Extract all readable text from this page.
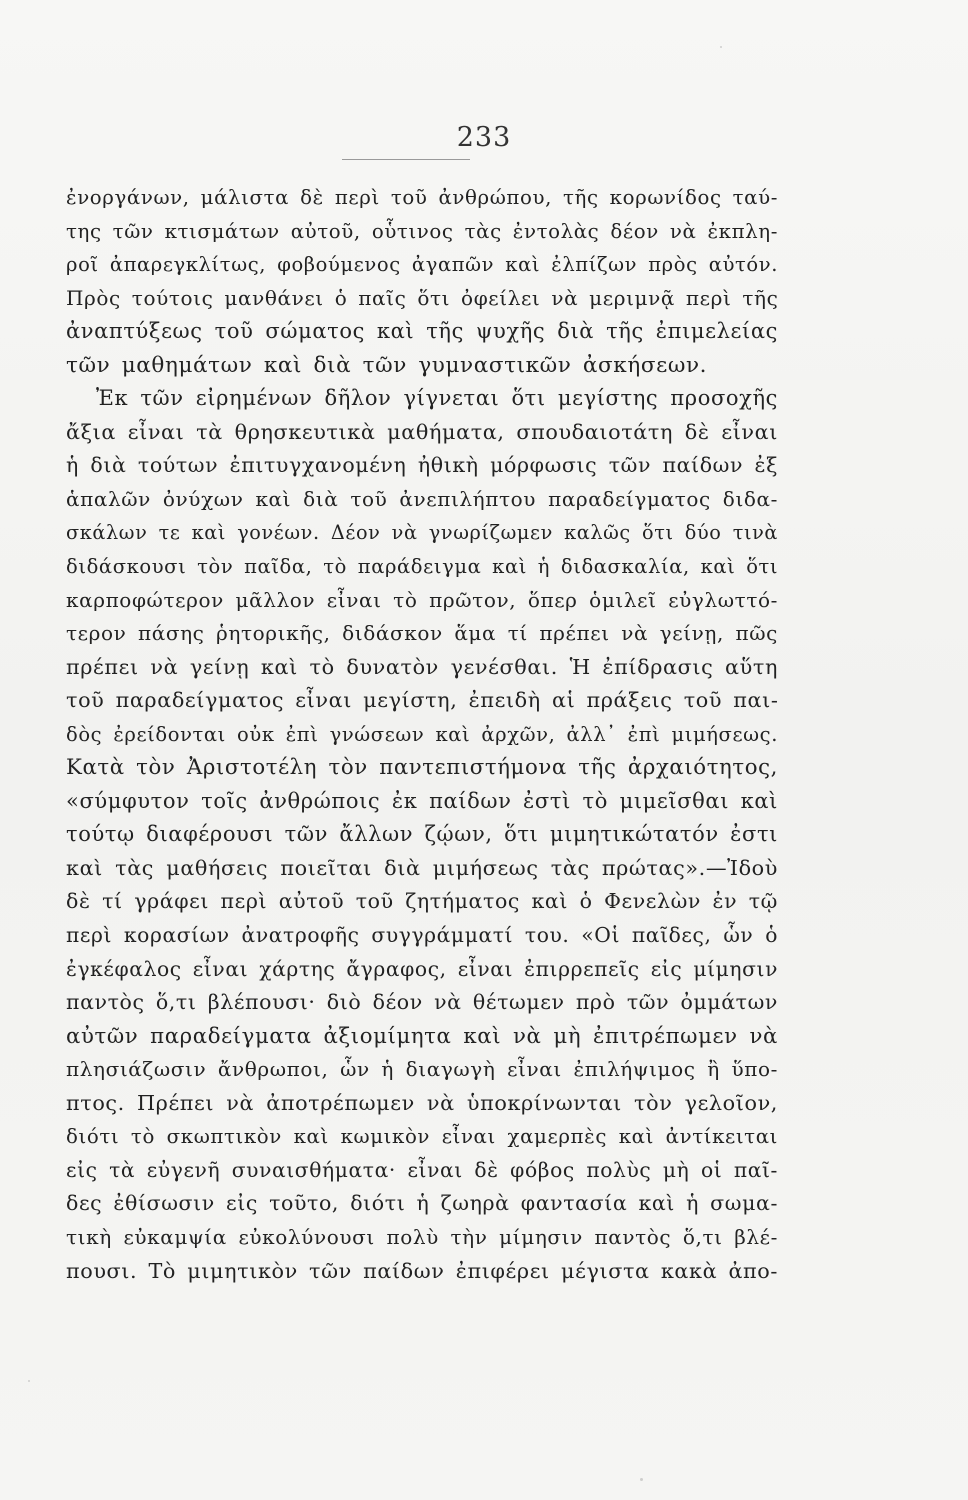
233
ἐνοργάνων, μάλιστα δὲ περὶ τοῦ ἀνθρώπου, τῆς κορωνίδος ταύ-
της τῶν κτισμάτων αὐτοῦ, οὗτινος τὰς ἐντολὰς δέον νὰ ἐκπλη-
ροῖ ἀπαρεγκλίτως, φοβούμενος ἀγαπῶν καὶ ἐλπίζων πρὸς αὐτόν.
Πρὸς τούτοις μανθάνει ὁ παῖς ὅτι ὀφείλει νὰ μεριμνᾷ περὶ τῆς
ἀναπτύξεως τοῦ σώματος καὶ τῆς ψυχῆς διὰ τῆς ἐπιμελείας
τῶν μαθημάτων καὶ διὰ τῶν γυμναστικῶν ἀσκήσεων.
Ἐκ τῶν εἰρημένων δῆλον γίγνεται ὅτι μεγίστης προσοχῆς
ἄξια εἶναι τὰ θρησκευτικὰ μαθήματα, σπουδαιοτάτη δὲ εἶναι
ἡ διὰ τούτων ἐπιτυγχανομένη ἠθικὴ μόρφωσις τῶν παίδων ἐξ
ἁπαλῶν ὀνύχων καὶ διὰ τοῦ ἀνεπιλήπτου παραδείγματος διδα-
σκάλων τε καὶ γονέων. Δέον νὰ γνωρίζωμεν καλῶς ὅτι δύο τινὰ
διδάσκουσι τὸν παῖδα, τὸ παράδειγμα καὶ ἡ διδασκαλία, καὶ ὅτι
καρποφώτερον μᾶλλον εἶναι τὸ πρῶτον, ὅπερ ὁμιλεῖ εὐγλωττό-
τερον πάσης ῥητορικῆς, διδάσκον ἅμα τί πρέπει νὰ γείνῃ, πῶς
πρέπει νὰ γείνῃ καὶ τὸ δυνατὸν γενέσθαι. Ἡ ἐπίδρασις αὕτη
τοῦ παραδείγματος εἶναι μεγίστη, ἐπειδὴ αἱ πράξεις τοῦ παι-
δὸς ἐρείδονται οὐκ ἐπὶ γνώσεων καὶ ἀρχῶν, ἀλλ᾽ ἐπὶ μιμήσεως.
Κατὰ τὸν Ἀριστοτέλη τὸν παντεπιστήμονα τῆς ἀρχαιότητος,
«σύμφυτον τοῖς ἀνθρώποις ἐκ παίδων ἐστὶ τὸ μιμεῖσθαι καὶ
τούτῳ διαφέρουσι τῶν ἄλλων ζῴων, ὅτι μιμητικώτατόν ἐστι
καὶ τὰς μαθήσεις ποιεῖται διὰ μιμήσεως τὰς πρώτας».—Ἰδοὺ
δὲ τί γράφει περὶ αὐτοῦ τοῦ ζητήματος καὶ ὁ Φενελὼν ἐν τῷ
περὶ κορασίων ἀνατροφῆς συγγράμματί του. «Οἱ παῖδες, ὧν ὁ
ἐγκέφαλος εἶναι χάρτης ἄγραφος, εἶναι ἐπιρρεπεῖς εἰς μίμησιν
παντὸς ὅ,τι βλέπουσι· διὸ δέον νὰ θέτωμεν πρὸ τῶν ὀμμάτων
αὐτῶν παραδείγματα ἀξιομίμητα καὶ νὰ μὴ ἐπιτρέπωμεν νὰ
πλησιάζωσιν ἄνθρωποι, ὧν ἡ διαγωγὴ εἶναι ἐπιλήψιμος ἢ ὕπο-
πτος. Πρέπει νὰ ἀποτρέπωμεν νὰ ὑποκρίνωνται τὸν γελοῖον,
διότι τὸ σκωπτικὸν καὶ κωμικὸν εἶναι χαμερπὲς καὶ ἀντίκειται
εἰς τὰ εὐγενῆ συναισθήματα· εἶναι δὲ φόβος πολὺς μὴ οἱ παῖ-
δες ἐθίσωσιν εἰς τοῦτο, διότι ἡ ζωηρὰ φαντασία καὶ ἡ σωμα-
τικὴ εὐκαμψία εὐκολύνουσι πολὺ τὴν μίμησιν παντὸς ὅ,τι βλέ-
πουσι. Τὸ μιμητικὸν τῶν παίδων ἐπιφέρει μέγιστα κακὰ ἀπο-
